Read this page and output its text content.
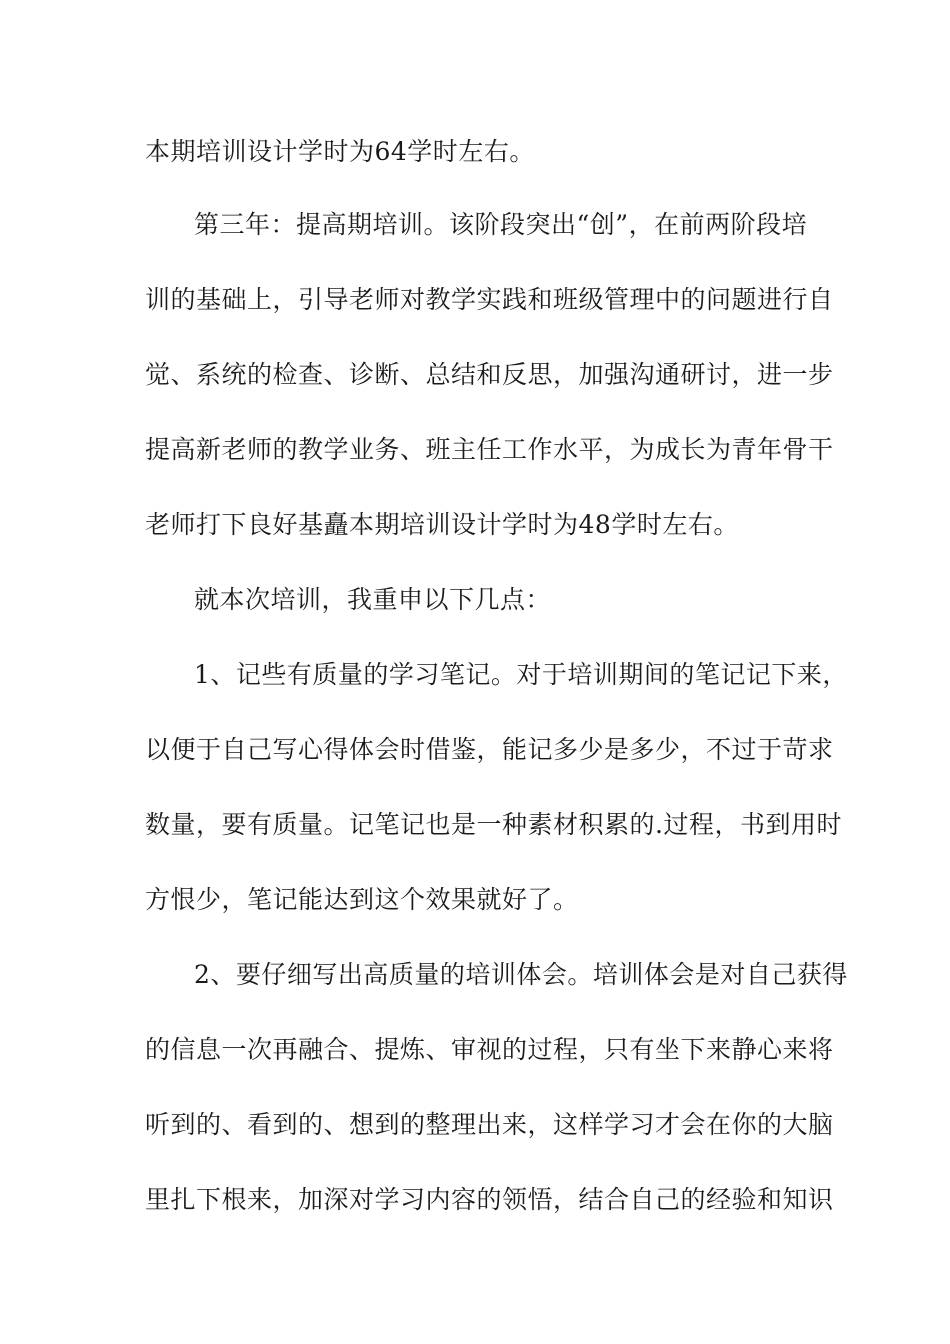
本期培训设计学时为64学时左右。
第三年：提高期培训。该阶段突出“创”，在前两阶段培
训的基础上，引导老师对教学实践和班级管理中的问题进行自
觉、系统的检查、诊断、总结和反思，加强沟通研讨，进一步
提高新老师的教学业务、班主任工作水平，为成长为青年骨干
老师打下良好基矗本期培训设计学时为48学时左右。
就本次培训，我重申以下几点：
1、记些有质量的学习笔记。对于培训期间的笔记记下来，
以便于自己写心得体会时借鉴，能记多少是多少，不过于苛求
数量，要有质量。记笔记也是一种素材积累的.过程，书到用时
方恨少，笔记能达到这个效果就好了。
2、要仔细写出高质量的培训体会。培训体会是对自己获得
的信息一次再融合、提炼、审视的过程，只有坐下来静心来将
听到的、看到的、想到的整理出来，这样学习才会在你的大脑
里扎下根来，加深对学习内容的领悟，结合自己的经验和知识
